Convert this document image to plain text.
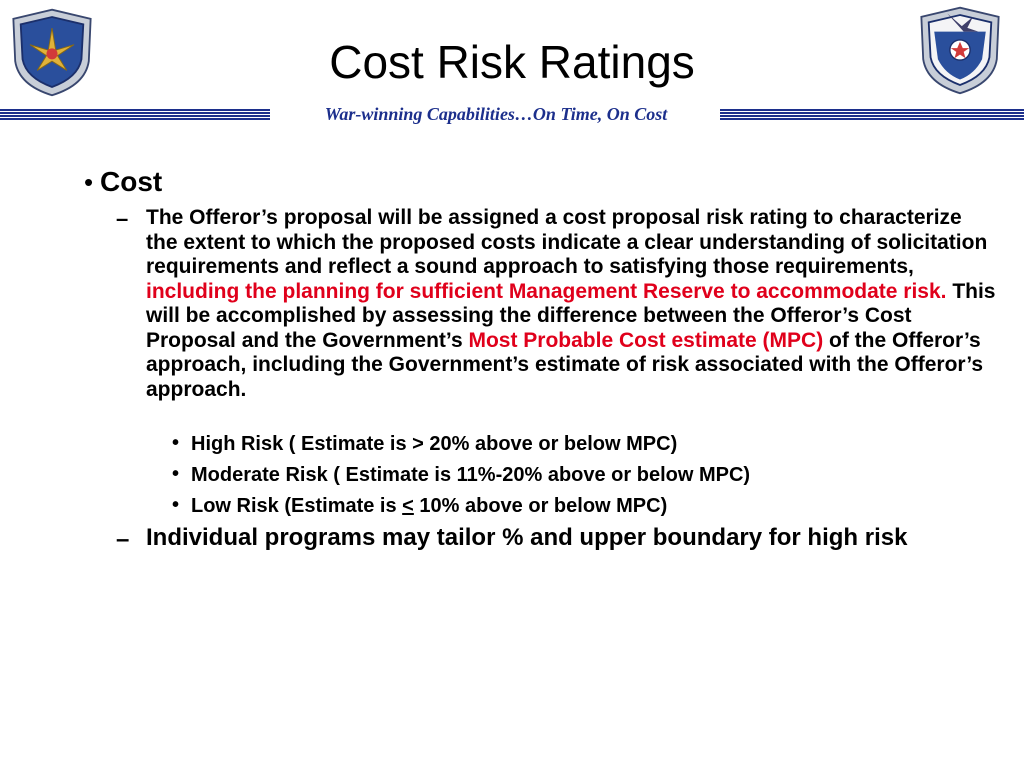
Cost Risk Ratings
War-winning Capabilities…On Time, On Cost
• Cost
– The Offeror’s proposal will be assigned a cost proposal risk rating to characterize the extent to which the proposed costs indicate a clear understanding of solicitation requirements and reflect a sound approach to satisfying those requirements, including the planning for sufficient Management Reserve to accommodate risk. This will be accomplished by assessing the difference between the Offeror’s Cost Proposal and the Government’s Most Probable Cost estimate (MPC) of the Offeror’s approach, including the Government’s estimate of risk associated with the Offeror’s approach.
• High Risk ( Estimate is > 20% above or below MPC)
• Moderate Risk ( Estimate is 11%-20% above or below MPC)
• Low Risk (Estimate is < 10% above or below MPC)
– Individual programs may tailor % and upper boundary for high risk
